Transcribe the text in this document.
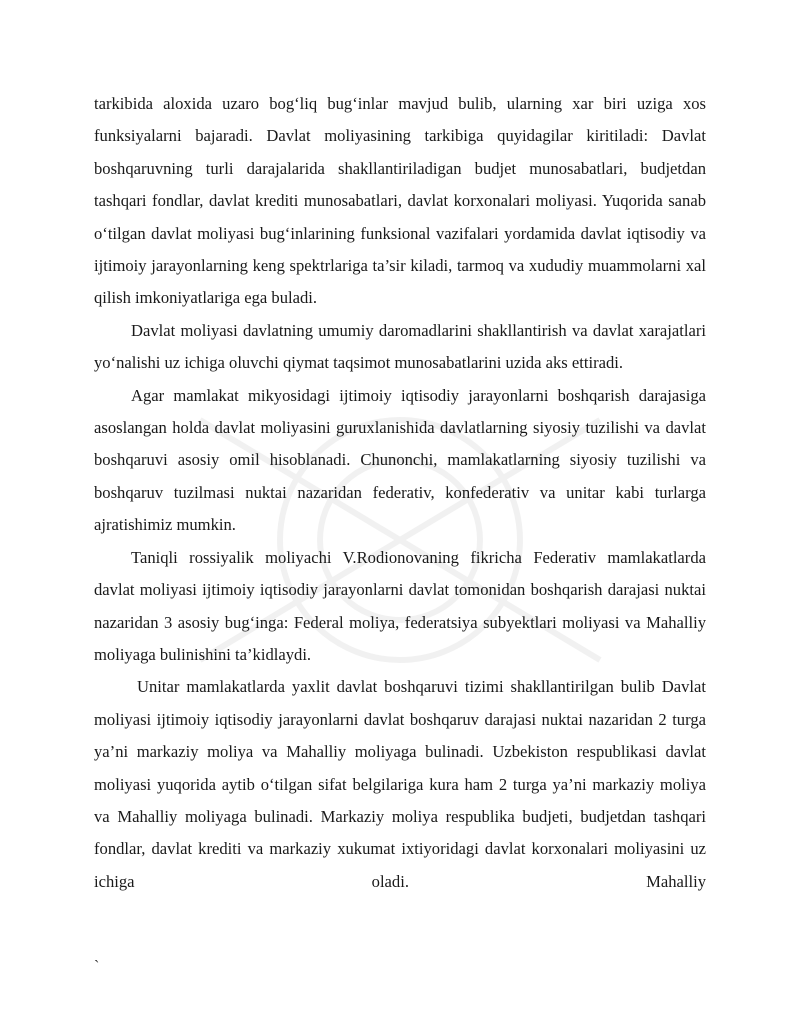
tarkibida aloxida uzaro bog‘liq bug‘inlar mavjud bulib, ularning xar biri uziga xos funksiyalarni bajaradi. Davlat moliyasining tarkibiga quyidagilar kiritiladi: Davlat boshqaruvning turli darajalarida shakllantiriladigan budjet munosabatlari, budjetdan tashqari fondlar, davlat krediti munosabatlari, davlat korxonalari moliyasi. Yuqorida sanab o‘tilgan davlat moliyasi bug‘inlarining funksional vazifalari yordamida davlat iqtisodiy va ijtimoiy jarayonlarning keng spektrlariga ta’sir kiladi, tarmoq va xududiy muammolarni xal qilish imkoniyatlariga ega buladi.

Davlat moliyasi davlatning umumiy daromadlarini shakllantirish va davlat xarajatlari yo‘nalishi uz ichiga oluvchi qiymat taqsimot munosabatlarini uzida aks ettiradi.

Agar mamlakat mikyosidagi ijtimoiy iqtisodiy jarayonlarni boshqarish darajasiga asoslangan holda davlat moliyasini guruxlanishida davlatlarning siyosiy tuzilishi va davlat boshqaruvi asosiy omil hisoblanadi. Chunonchi, mamlakatlarning siyosiy tuzilishi va boshqaruv tuzilmasi nuktai nazaridan federativ, konfederativ va unitar kabi turlarga ajratishimiz mumkin.

Taniqli rossiyalik moliyachi V.Rodionovaning fikricha Federativ mamlakatlarda davlat moliyasi ijtimoiy iqtisodiy jarayonlarni davlat tomonidan boshqarish darajasi nuktai nazaridan 3 asosiy bug‘inga: Federal moliya, federatsiya subyektlari moliyasi va Mahalliy moliyaga bulinishini ta’kidlaydi.

Unitar mamlakatlarda yaxlit davlat boshqaruvi tizimi shakllantirilgan bulib Davlat moliyasi ijtimoiy iqtisodiy jarayonlarni davlat boshqaruv darajasi nuktai nazaridan 2 turga ya’ni markaziy moliya va Mahalliy moliyaga bulinadi. Uzbekiston respublikasi davlat moliyasi yuqorida aytib o‘tilgan sifat belgilariga kura ham 2 turga ya’ni markaziy moliya va Mahalliy moliyaga bulinadi. Markaziy moliya respublika budjeti, budjetdan tashqari fondlar, davlat krediti va markaziy xukumat ixtiyoridagi davlat korxonalari moliyasini uz ichiga oladi. Mahalliy

`
